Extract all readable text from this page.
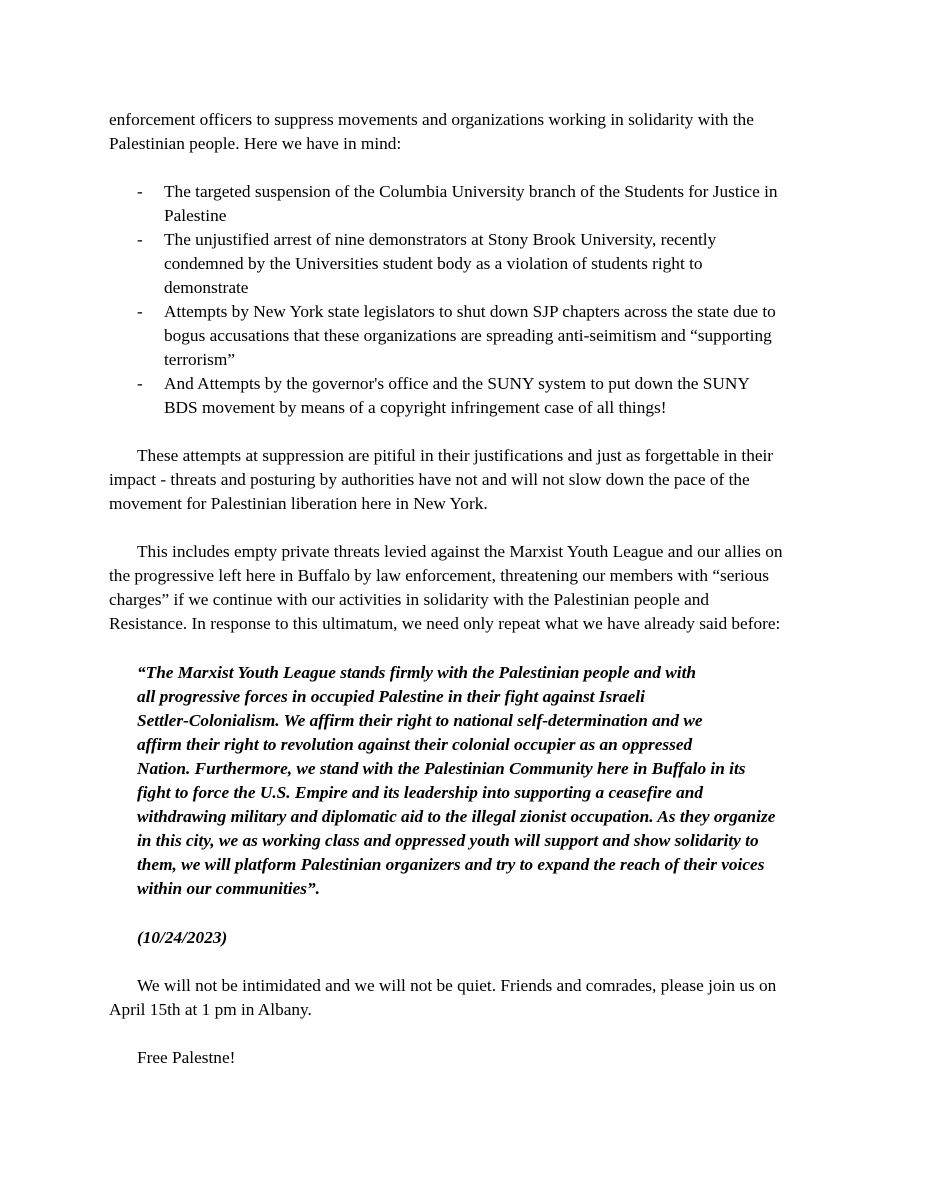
enforcement officers to suppress movements and organizations working in solidarity with the
Palestinian people. Here we have in mind:
- The targeted suspension of the Columbia University branch of the Students for Justice in
Palestine
- The unjustified arrest of nine demonstrators at Stony Brook University, recently
condemned by the Universities student body as a violation of students right to
demonstrate
- Attempts by New York state legislators to shut down SJP chapters across the state due to
bogus accusations that these organizations are spreading anti-seimitism and “supporting
terrorism”
- And Attempts by the governor's office and the SUNY system to put down the SUNY
BDS movement by means of a copyright infringement case of all things!
These attempts at suppression are pitiful in their justifications and just as forgettable in their
impact - threats and posturing by authorities have not and will not slow down the pace of the
movement for Palestinian liberation here in New York.
This includes empty private threats levied against the Marxist Youth League and our allies on
the progressive left here in Buffalo by law enforcement, threatening our members with “serious
charges” if we continue with our activities in solidarity with the Palestinian people and
Resistance. In response to this ultimatum, we need only repeat what we have already said before:
“The Marxist Youth League stands firmly with the Palestinian people and with
all progressive forces in occupied Palestine in their fight against Israeli
Settler-Colonialism. We affirm their right to national self-determination and we
affirm their right to revolution against their colonial occupier as an oppressed
Nation. Furthermore, we stand with the Palestinian Community here in Buffalo in its
fight to force the U.S. Empire and its leadership into supporting a ceasefire and
withdrawing military and diplomatic aid to the illegal zionist occupation. As they organize
in this city, we as working class and oppressed youth will support and show solidarity to
them, we will platform Palestinian organizers and try to expand the reach of their voices
within our communities”.
(10/24/2023)
We will not be intimidated and we will not be quiet. Friends and comrades, please join us on
April 15th at 1 pm in Albany.
Free Palestne!
